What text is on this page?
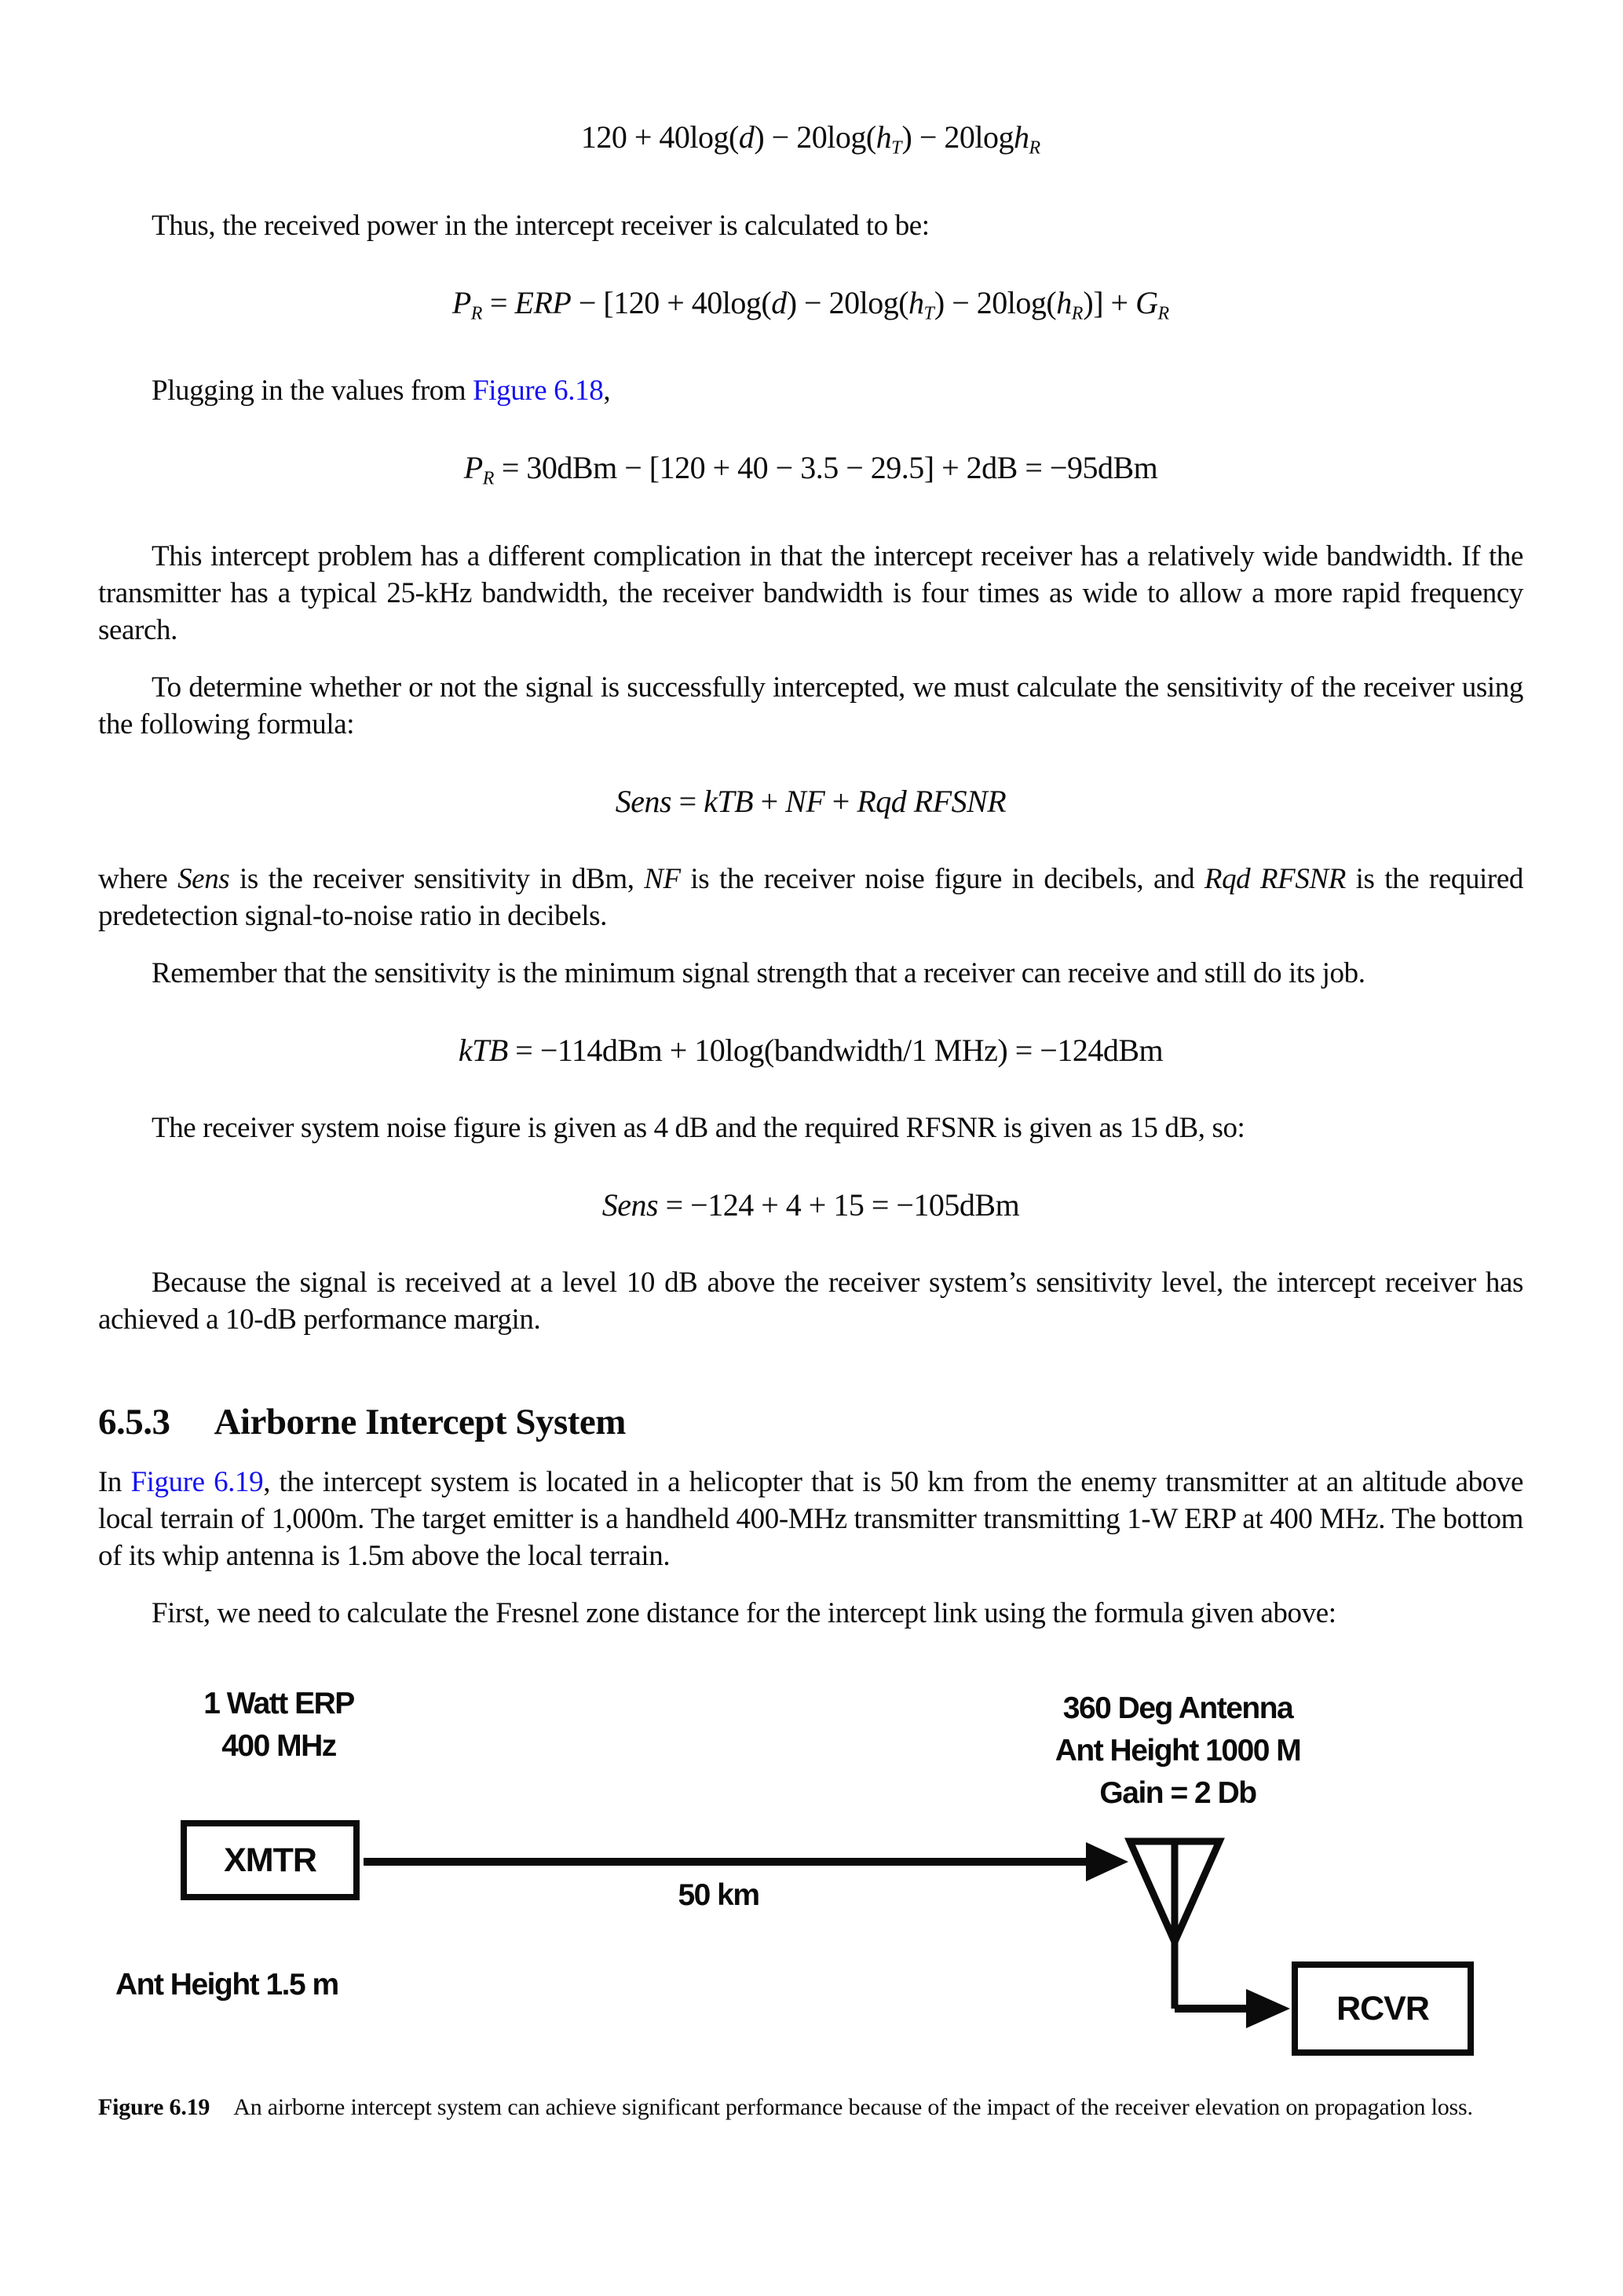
$120 + 40\log(d) - 20\log(h_T) - 20\log h_R$

Thus, the received power in the intercept receiver is calculated to be:

$P_R$ = ERP − $[120 + 40\log(d) - 20\log(h_T) - 20\log(h_R)] + G_R$

Plugging in the values from Figure 6.18,

$P_R = 30dBm - [120 + 40 - 3.5 - 29.5] + 2dB = -95dBm$

This intercept problem has a different complication in that the intercept receiver has a relatively wide bandwidth. If the transmitter has a typical 25-kHz bandwidth, the receiver bandwidth is four times as wide to allow a more rapid frequency search.

To determine whether or not the signal is successfully intercepted, we must calculate the sensitivity of the receiver using the following formula:

Sens = kTB + NF + Rqd RFSNR

where Sens is the receiver sensitivity in dBm, NF is the receiver noise figure in decibels, and Rqd RFSNR is the required predetection signal-to-noise ratio in decibels.

Remember that the sensitivity is the minimum signal strength that a receiver can receive and still do its job.

kTB = −114dBm + 10log(bandwidth/1 MHz) = −124dBm

The receiver system noise figure is given as 4 dB and the required RFSNR is given as 15 dB, so:

Sens = −124 + 4 + 15 = −105dBm

Because the signal is received at a level 10 dB above the receiver system’s sensitivity level, the intercept receiver has achieved a 10-dB performance margin.

6.5.3 Airborne Intercept System

In Figure 6.19, the intercept system is located in a helicopter that is 50 km from the enemy transmitter at an altitude above local terrain of 1,000m. The target emitter is a handheld 400-MHz transmitter transmitting 1-W ERP at 400 MHz. The bottom of its whip antenna is 1.5m above the local terrain.

First, we need to calculate the Fresnel zone distance for the intercept link using the formula given above:

1 Watt ERP
400 MHz
360 Deg Antenna
Ant Height 1000 M
Gain = 2 Db
XMTR
50 km
RCVR
Ant Height 1.5 m

Figure 6.19 An airborne intercept system can achieve significant performance because of the impact of the receiver elevation on propagation loss.
